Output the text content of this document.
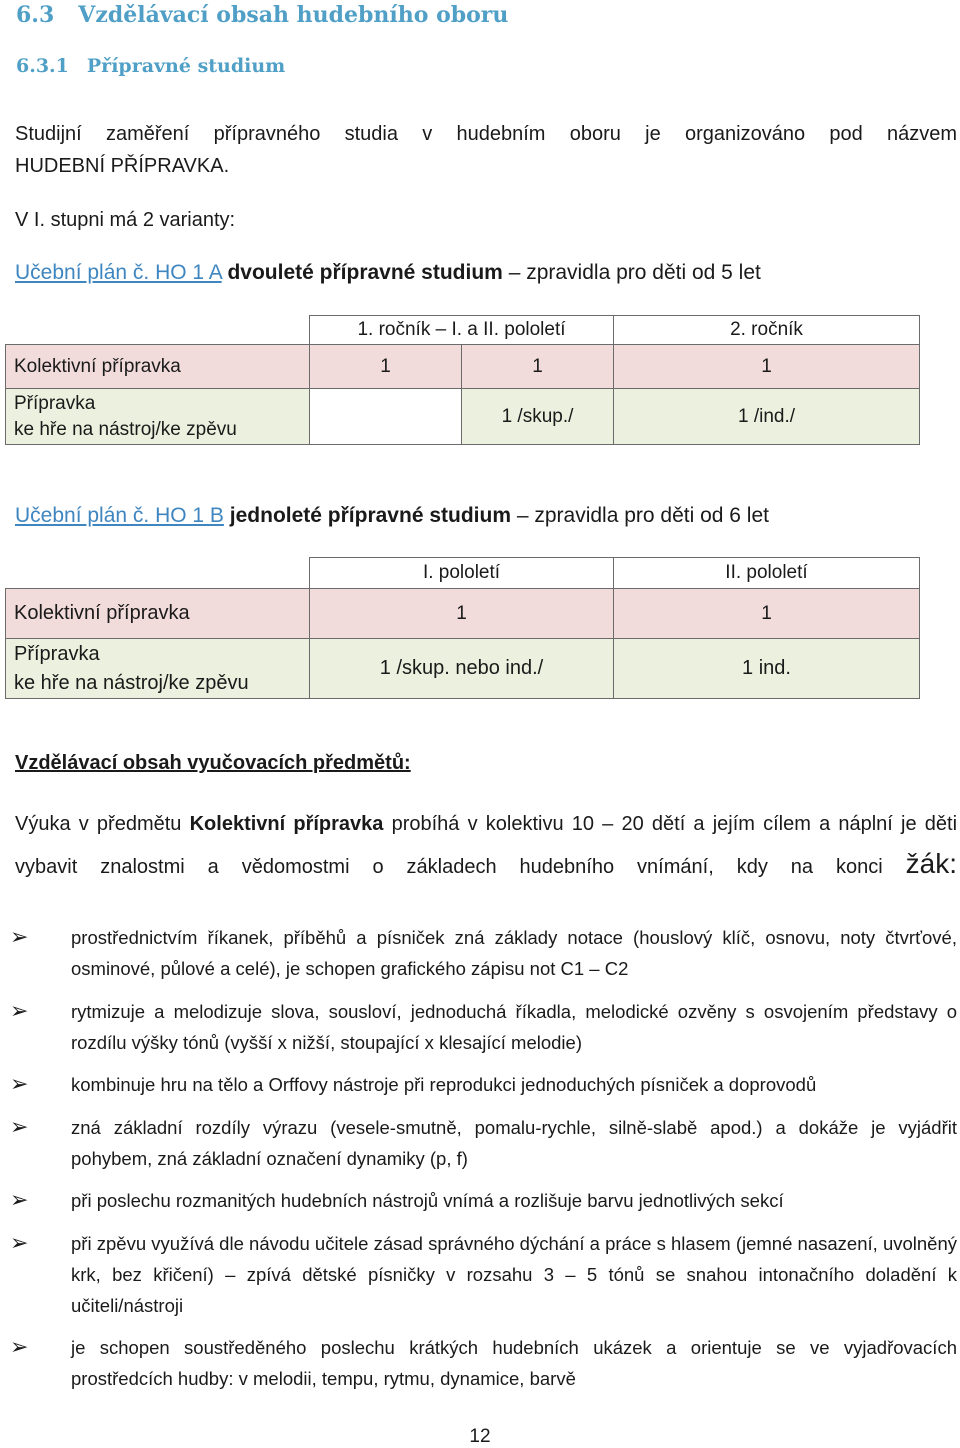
6.3 Vzdělávací obsah hudebního oboru
6.3.1 Přípravné studium
Studijní zaměření přípravného studia v hudebním oboru je organizováno pod názvem
HUDEBNÍ PŘÍPRAVKA.
V I. stupni má 2 varianty:
Učební plán č. HO 1 A dvouleté přípravné studium – zpravidla pro děti od 5 let
	1. ročník – I. a II. pololetí		2. ročník
Kolektivní přípravka	1	1	1

Přípravka
ke hře na nástroj/ke zpěvu		1 /skup./	1 /ind./
Učební plán č. HO 1 B jednoleté přípravné studium – zpravidla pro děti od 6 let
	I. pololetí	II. pololetí
Kolektivní přípravka	1	1

Přípravka
ke hře na nástroj/ke zpěvu	1 /skup. nebo ind./	1 ind.
Vzdělávací obsah vyučovacích předmětů:
Výuka v předmětu Kolektivní přípravka probíhá v kolektivu 10 – 20 dětí a jejím cílem a náplní je děti vybavit znalostmi a vědomostmi o základech hudebního vnímání, kdy na konci žák:
➢ prostřednictvím říkanek, příběhů a písniček zná základy notace (houslový klíč, osnovu, noty čtvrťové, osminové, půlové a celé), je schopen grafického zápisu not C1 – C2
➢ rytmizuje a melodizuje slova, sousloví, jednoduchá říkadla, melodické ozvěny s osvojením představy o rozdílu výšky tónů (vyšší x nižší, stoupající x klesající melodie)
➢ kombinuje hru na tělo a Orffovy nástroje při reprodukci jednoduchých písniček a doprovodů
➢ zná základní rozdíly výrazu (vesele-smutně, pomalu-rychle, silně-slabě apod.) a dokáže je vyjádřit pohybem, zná základní označení dynamiky (p, f)
➢ při poslechu rozmanitých hudebních nástrojů vnímá a rozlišuje barvu jednotlivých sekcí
➢ při zpěvu využívá dle návodu učitele zásad správného dýchání a práce s hlasem (jemné nasazení, uvolněný krk, bez křičení) – zpívá dětské písničky v rozsahu 3 – 5 tónů se snahou intonačního doladění k učiteli/nástroji
➢ je schopen soustředěného poslechu krátkých hudebních ukázek a orientuje se ve vyjadřovacích prostředcích hudby: v melodii, tempu, rytmu, dynamice, barvě
12
